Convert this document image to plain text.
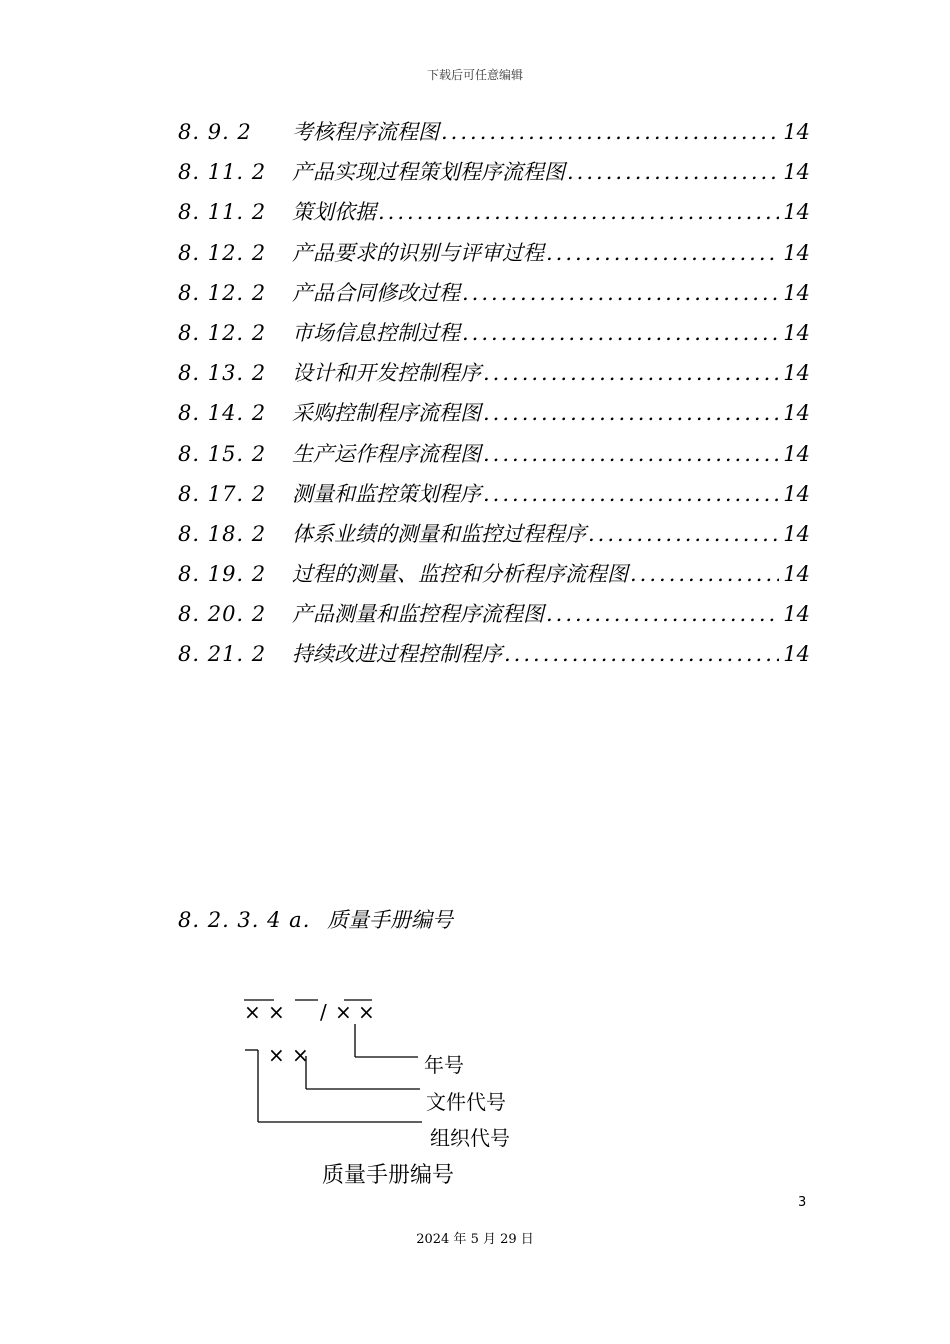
下载后可任意编辑
8. 9. 2	考核程序流程图 .....	14
8. 11. 2	产品实现过程策划程序流程图 .....	14
8. 11. 2	策划依据 .....	14
8. 12. 2	产品要求的识别与评审过程 .....	14
8. 12. 2	产品合同修改过程 .....	14
8. 12. 2	市场信息控制过程 .....	14
8. 13. 2	设计和开发控制程序 .....	14
8. 14. 2	采购控制程序流程图 .....	14
8. 15. 2	生产运作程序流程图 .....	14
8. 17. 2	测量和监控策划程序 .....	14
8. 18. 2	体系业绩的测量和监控过程程序 .....	14
8. 19. 2	过程的测量、监控和分析程序流程图 .....	14
8. 20. 2	产品测量和监控程序流程图 .....	14
8. 21. 2	持续改进过程控制程序 .....	14
8. 2. 3. 4 a. 质量手册编号
× × / × ×
× ×	年号
文件代号
组织代号
质量手册编号
3
2024 年 5 月 29 日
